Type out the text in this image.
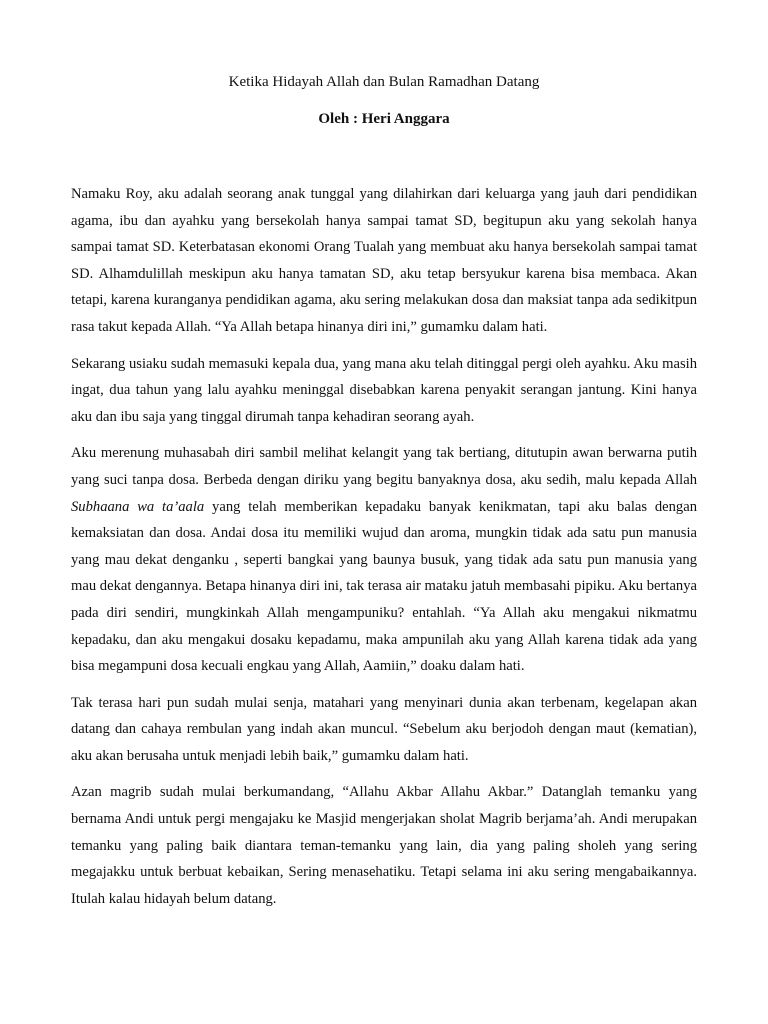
Ketika Hidayah Allah dan Bulan Ramadhan Datang
Oleh : Heri Anggara

Namaku Roy, aku adalah seorang anak tunggal yang dilahirkan dari keluarga yang jauh dari pendidikan agama, ibu dan ayahku yang bersekolah hanya sampai tamat SD, begitupun aku yang sekolah hanya sampai tamat SD. Keterbatasan ekonomi Orang Tualah yang membuat aku hanya bersekolah sampai tamat SD. Alhamdulillah meskipun aku hanya tamatan SD, aku tetap bersyukur karena bisa membaca. Akan tetapi, karena kuranganya pendidikan agama, aku sering melakukan dosa dan maksiat tanpa ada sedikitpun rasa takut kepada Allah. “Ya Allah betapa hinanya diri ini,” gumamku dalam hati.

Sekarang usiaku sudah memasuki kepala dua, yang mana aku telah ditinggal pergi oleh ayahku. Aku masih ingat, dua tahun yang lalu ayahku meninggal disebabkan karena penyakit serangan jantung. Kini hanya aku dan ibu saja yang tinggal dirumah tanpa kehadiran seorang ayah.

Aku merenung muhasabah diri sambil melihat kelangit yang tak bertiang, ditutupin awan berwarna putih yang suci tanpa dosa. Berbeda dengan diriku yang begitu banyaknya dosa, aku sedih, malu kepada Allah Subhaana wa ta’aala yang telah memberikan kepadaku banyak kenikmatan, tapi aku balas dengan kemaksiatan dan dosa. Andai dosa itu memiliki wujud dan aroma, mungkin tidak ada satu pun manusia yang mau dekat denganku , seperti bangkai yang baunya busuk, yang tidak ada satu pun manusia yang mau dekat dengannya. Betapa hinanya diri ini, tak terasa air mataku jatuh membasahi pipiku. Aku bertanya pada diri sendiri, mungkinkah Allah mengampuniku? entahlah. “Ya Allah aku mengakui nikmatmu kepadaku, dan aku mengakui dosaku kepadamu, maka ampunilah aku yang Allah karena tidak ada yang bisa megampuni dosa kecuali engkau yang Allah, Aamiin,” doaku dalam hati.

Tak terasa hari pun sudah mulai senja, matahari yang menyinari dunia akan terbenam, kegelapan akan datang dan cahaya rembulan yang indah akan muncul. “Sebelum aku berjodoh dengan maut (kematian), aku akan berusaha untuk menjadi lebih baik,” gumamku dalam hati.

Azan magrib sudah mulai berkumandang, “Allahu Akbar Allahu Akbar.” Datanglah temanku yang bernama Andi untuk pergi mengajaku ke Masjid mengerjakan sholat Magrib berjama’ah. Andi merupakan temanku yang paling baik diantara teman-temanku yang lain, dia yang paling sholeh yang sering megajakku untuk berbuat kebaikan, Sering menasehatiku. Tetapi selama ini aku sering mengabaikannya. Itulah kalau hidayah belum datang.
